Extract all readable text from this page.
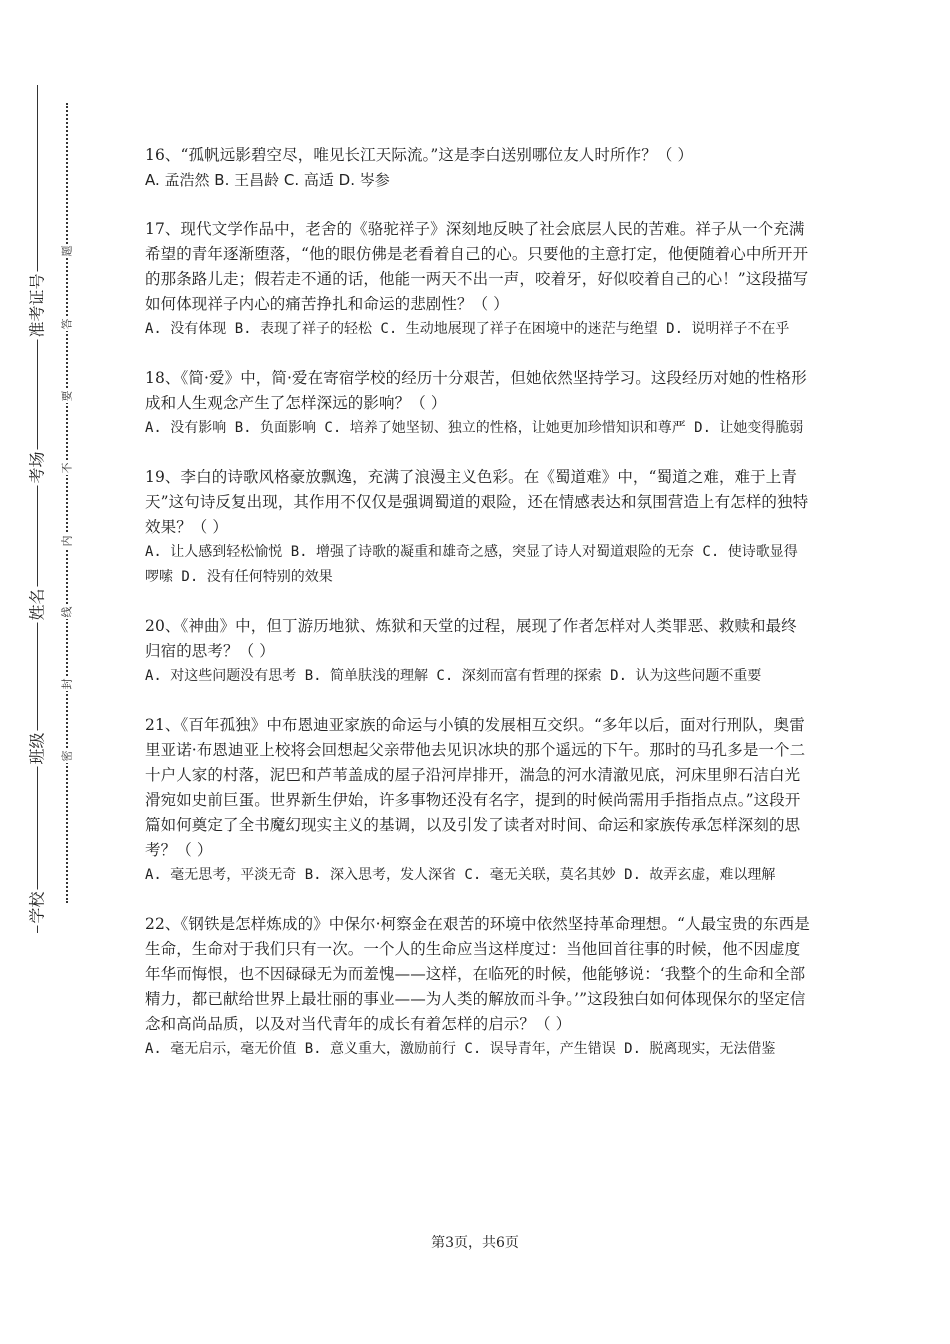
准考证号
考场
姓名
班级
学校
题
答
要
不
内
线
封
密

16、“孤帆远影碧空尽，唯见长江天际流。”这是李白送别哪位友人时所作？（ ）

A. 孟浩然 B. 王昌龄 C. 高适 D. 岑参

17、现代文学作品中，老舍的《骆驼祥子》深刻地反映了社会底层人民的苦难。祥子从一个充满希望的青年逐渐堕落，“他的眼仿佛是老看着自己的心。只要他的主意打定，他便随着心中所开开的那条路儿走；假若走不通的话，他能一两天不出一声，咬着牙，好似咬着自己的心！”这段描写如何体现祥子内心的痛苦挣扎和命运的悲剧性？（ ）

A. 没有体现 B. 表现了祥子的轻松 C. 生动地展现了祥子在困境中的迷茫与绝望 D. 说明祥子不在乎

18、《简·爱》中，简·爱在寄宿学校的经历十分艰苦，但她依然坚持学习。这段经历对她的性格形成和人生观念产生了怎样深远的影响？（ ）

A. 没有影响 B. 负面影响 C. 培养了她坚韧、独立的性格，让她更加珍惜知识和尊严 D. 让她变得脆弱

19、李白的诗歌风格豪放飘逸，充满了浪漫主义色彩。在《蜀道难》中，“蜀道之难，难于上青天”这句诗反复出现，其作用不仅仅是强调蜀道的艰险，还在情感表达和氛围营造上有怎样的独特效果？（ ）

A. 让人感到轻松愉悦 B. 增强了诗歌的凝重和雄奇之感，突显了诗人对蜀道艰险的无奈 C. 使诗歌显得啰嗦 D. 没有任何特别的效果

20、《神曲》中，但丁游历地狱、炼狱和天堂的过程，展现了作者怎样对人类罪恶、救赎和最终归宿的思考？（ ）

A. 对这些问题没有思考 B. 简单肤浅的理解 C. 深刻而富有哲理的探索 D. 认为这些问题不重要

21、《百年孤独》中布恩迪亚家族的命运与小镇的发展相互交织。“多年以后，面对行刑队，奥雷里亚诺·布恩迪亚上校将会回想起父亲带他去见识冰块的那个遥远的下午。那时的马孔多是一个二十户人家的村落，泥巴和芦苇盖成的屋子沿河岸排开，湍急的河水清澈见底，河床里卵石洁白光滑宛如史前巨蛋。世界新生伊始，许多事物还没有名字，提到的时候尚需用手指指点点。”这段开篇如何奠定了全书魔幻现实主义的基调，以及引发了读者对时间、命运和家族传承怎样深刻的思考？（ ）

A. 毫无思考，平淡无奇 B. 深入思考，发人深省 C. 毫无关联，莫名其妙 D. 故弄玄虚，难以理解

22、《钢铁是怎样炼成的》中保尔·柯察金在艰苦的环境中依然坚持革命理想。“人最宝贵的东西是生命，生命对于我们只有一次。一个人的生命应当这样度过：当他回首往事的时候，他不因虚度年华而悔恨，也不因碌碌无为而羞愧——这样，在临死的时候，他能够说：‘我整个的生命和全部精力，都已献给世界上最壮丽的事业——为人类的解放而斗争。’”这段独白如何体现保尔的坚定信念和高尚品质，以及对当代青年的成长有着怎样的启示？（ ）

A. 毫无启示，毫无价值 B. 意义重大，激励前行 C. 误导青年，产生错误 D. 脱离现实，无法借鉴

第3页，共6页
